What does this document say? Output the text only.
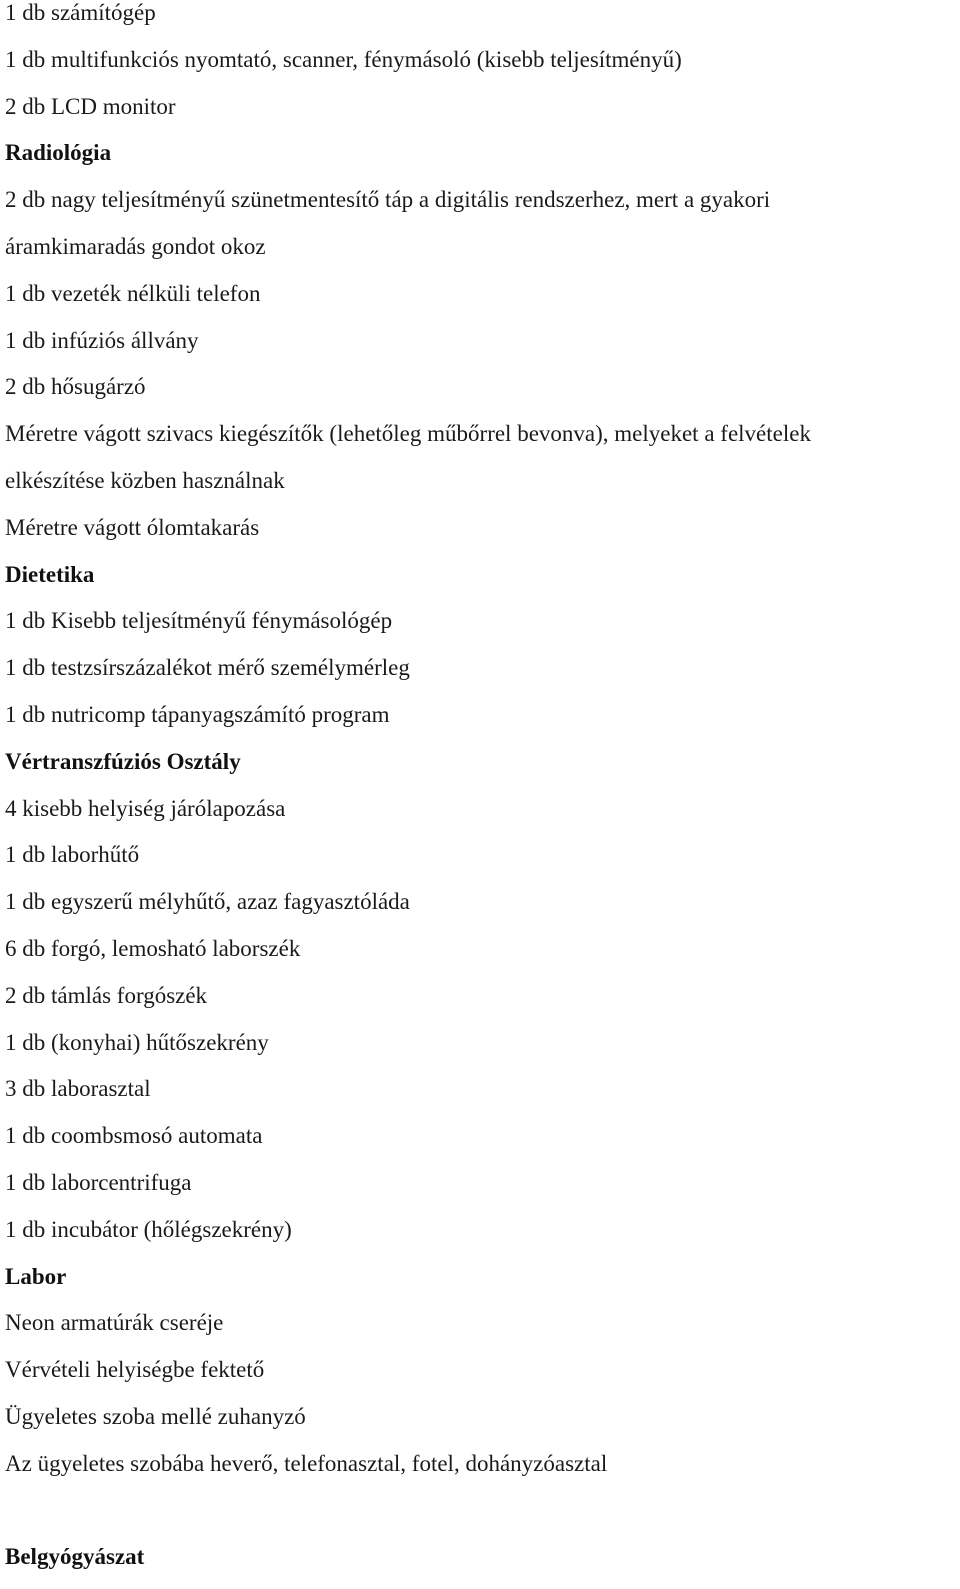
1 db számítógép
1 db multifunkciós nyomtató, scanner, fénymásoló (kisebb teljesítményű)
2 db LCD monitor
Radiológia
2 db nagy teljesítményű szünetmentesítő táp a digitális rendszerhez, mert a gyakori
áramkimaradás gondot okoz
1 db vezeték nélküli telefon
1 db infúziós állvány
2 db hősugárzó
Méretre vágott szivacs kiegészítők (lehetőleg műbőrrel bevonva), melyeket a felvételek
elkészítése közben használnak
Méretre vágott ólomtakarás
Dietetika
1 db Kisebb teljesítményű fénymásológép
1 db testzsírszázalékot mérő személymérleg
1 db nutricomp tápanyagszámító program
Vértranszfúziós Osztály
4 kisebb helyiség járólapozása
1 db laborhűtő
1 db egyszerű mélyhűtő, azaz fagyasztóláda
6 db forgó, lemosható laborszék
2 db támlás forgószék
1 db (konyhai) hűtőszekrény
3 db laborasztal
1 db coombsmosó automata
1 db laborcentrifuga
1 db incubátor (hőlégszekrény)
Labor
Neon armatúrák cseréje
Vérvételi helyiségbe fektető
Ügyeletes szoba mellé zuhanyzó
Az ügyeletes szobába heverő, telefonasztal, fotel, dohányzóasztal
Belgyógyászat
